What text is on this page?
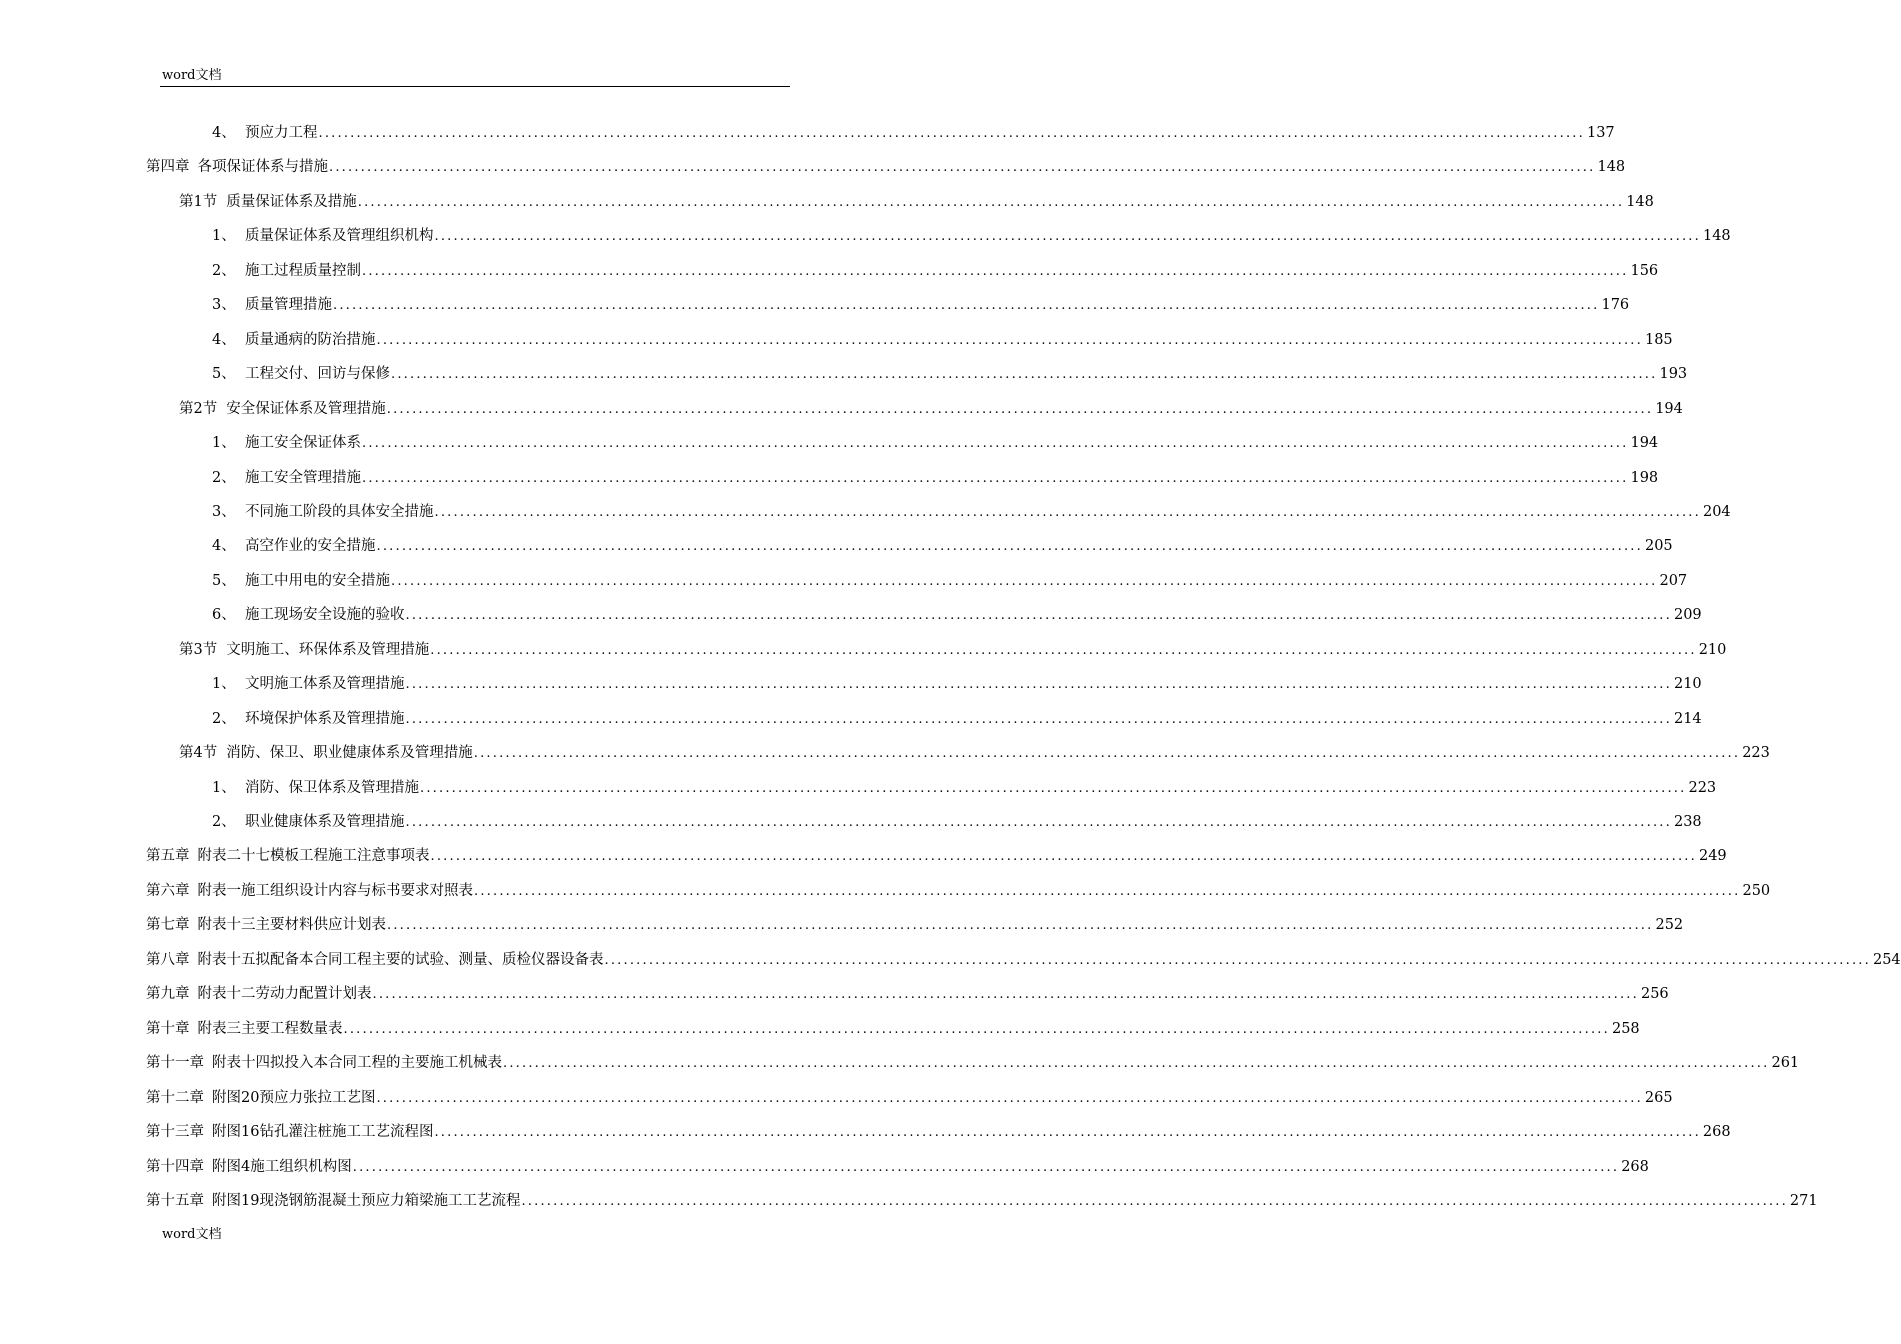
word文档
4、 预应力工程 ........................................................................................................................................................................................................ 137
第四章 各项保证体系与措施 ........................................................................................................................................................................................................ 148
第1节 质量保证体系及措施 ........................................................................................................................................................................................................ 148
1、 质量保证体系及管理组织机构 ........................................................................................................................................................................................................ 148
2、 施工过程质量控制 ........................................................................................................................................................................................................ 156
3、 质量管理措施 ........................................................................................................................................................................................................ 176
4、 质量通病的防治措施 ........................................................................................................................................................................................................ 185
5、 工程交付、回访与保修 ........................................................................................................................................................................................................ 193
第2节 安全保证体系及管理措施 ........................................................................................................................................................................................................ 194
1、 施工安全保证体系 ........................................................................................................................................................................................................ 194
2、 施工安全管理措施 ........................................................................................................................................................................................................ 198
3、 不同施工阶段的具体安全措施 ........................................................................................................................................................................................................ 204
4、 高空作业的安全措施 ........................................................................................................................................................................................................ 205
5、 施工中用电的安全措施 ........................................................................................................................................................................................................ 207
6、 施工现场安全设施的验收 ........................................................................................................................................................................................................ 209
第3节 文明施工、环保体系及管理措施 ........................................................................................................................................................................................................ 210
1、 文明施工体系及管理措施 ........................................................................................................................................................................................................ 210
2、 环境保护体系及管理措施 ........................................................................................................................................................................................................ 214
第4节 消防、保卫、职业健康体系及管理措施 ........................................................................................................................................................................................................ 223
1、 消防、保卫体系及管理措施 ........................................................................................................................................................................................................ 223
2、 职业健康体系及管理措施 ........................................................................................................................................................................................................ 238
第五章 附表二十七模板工程施工注意事项表 ........................................................................................................................................................................................................ 249
第六章 附表一施工组织设计内容与标书要求对照表 ........................................................................................................................................................................................................ 250
第七章 附表十三主要材料供应计划表 ........................................................................................................................................................................................................ 252
第八章 附表十五拟配备本合同工程主要的试验、测量、质检仪器设备表 ........................................................................................................................................................................................................ 254
第九章 附表十二劳动力配置计划表 ........................................................................................................................................................................................................ 256
第十章 附表三主要工程数量表 ........................................................................................................................................................................................................ 258
第十一章 附表十四拟投入本合同工程的主要施工机械表 ........................................................................................................................................................................................................ 261
第十二章 附图20预应力张拉工艺图 ........................................................................................................................................................................................................ 265
第十三章 附图16钻孔灌注桩施工工艺流程图 ........................................................................................................................................................................................................ 268
第十四章 附图4施工组织机构图 ........................................................................................................................................................................................................ 268
第十五章 附图19现浇钢筋混凝土预应力箱梁施工工艺流程 ........................................................................................................................................................................................................ 271
word文档
